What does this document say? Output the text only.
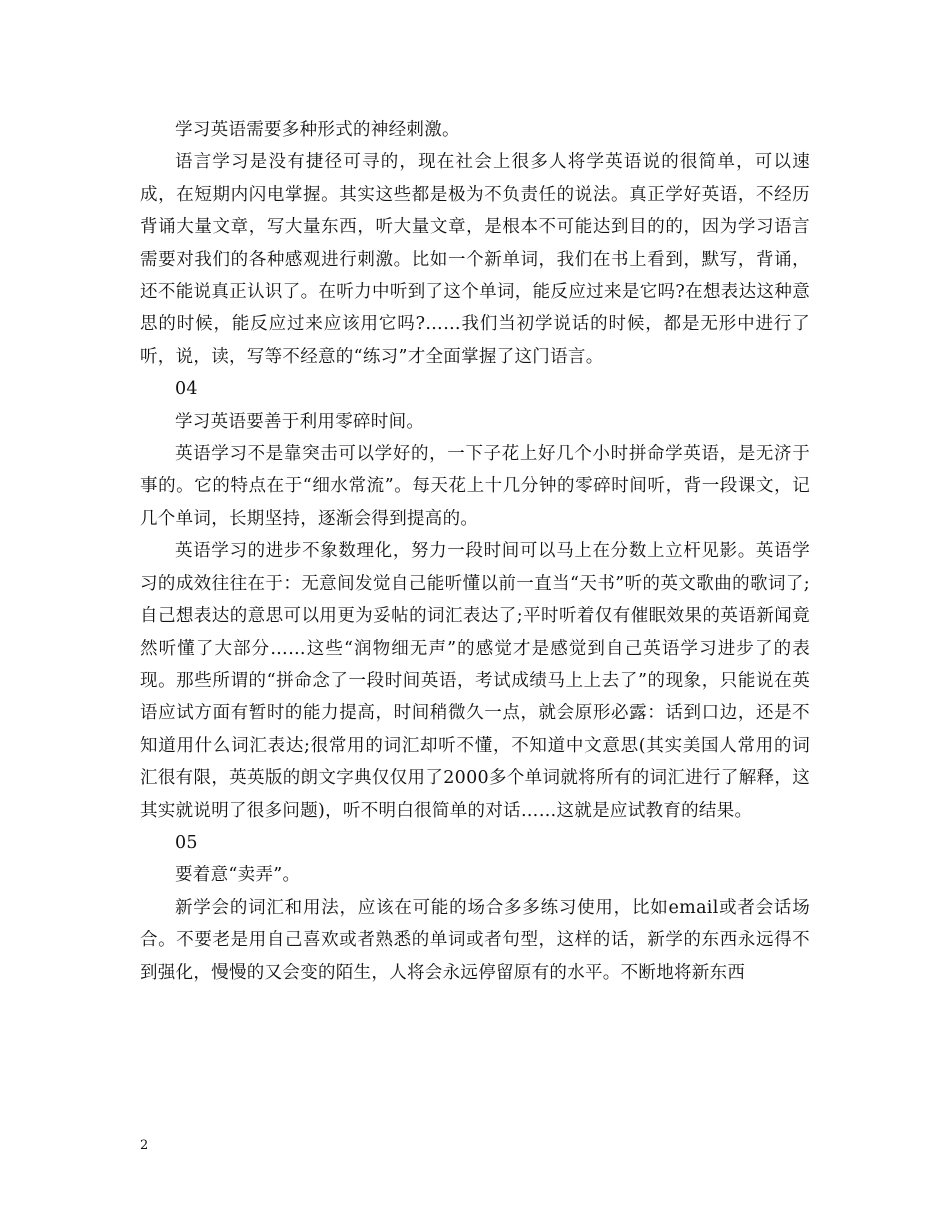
学习英语需要多种形式的神经刺激。

语言学习是没有捷径可寻的，现在社会上很多人将学英语说的很简单，可以速成，在短期内闪电掌握。其实这些都是极为不负责任的说法。真正学好英语，不经历背诵大量文章，写大量东西，听大量文章，是根本不可能达到目的的，因为学习语言需要对我们的各种感观进行刺激。比如一个新单词，我们在书上看到，默写，背诵，还不能说真正认识了。在听力中听到了这个单词，能反应过来是它吗?在想表达这种意思的时候，能反应过来应该用它吗?……我们当初学说话的时候，都是无形中进行了听，说，读，写等不经意的“练习”才全面掌握了这门语言。

04

学习英语要善于利用零碎时间。

英语学习不是靠突击可以学好的，一下子花上好几个小时拼命学英语，是无济于事的。它的特点在于“细水常流”。每天花上十几分钟的零碎时间听，背一段课文，记几个单词，长期坚持，逐渐会得到提高的。

英语学习的进步不象数理化，努力一段时间可以马上在分数上立杆见影。英语学习的成效往往在于：无意间发觉自己能听懂以前一直当“天书”听的英文歌曲的歌词了;自己想表达的意思可以用更为妥帖的词汇表达了;平时听着仅有催眠效果的英语新闻竟然听懂了大部分……这些“润物细无声”的感觉才是感觉到自己英语学习进步了的表现。那些所谓的“拼命念了一段时间英语，考试成绩马上上去了”的现象，只能说在英语应试方面有暂时的能力提高，时间稍微久一点，就会原形必露：话到口边，还是不知道用什么词汇表达;很常用的词汇却听不懂，不知道中文意思(其实美国人常用的词汇很有限，英英版的朗文字典仅仅用了2000多个单词就将所有的词汇进行了解释，这其实就说明了很多问题)，听不明白很简单的对话……这就是应试教育的结果。

05

要着意“卖弄”。

新学会的词汇和用法，应该在可能的场合多多练习使用，比如email或者会话场合。不要老是用自己喜欢或者熟悉的单词或者句型，这样的话，新学的东西永远得不到强化，慢慢的又会变的陌生，人将会永远停留原有的水平。不断地将新东西

2
